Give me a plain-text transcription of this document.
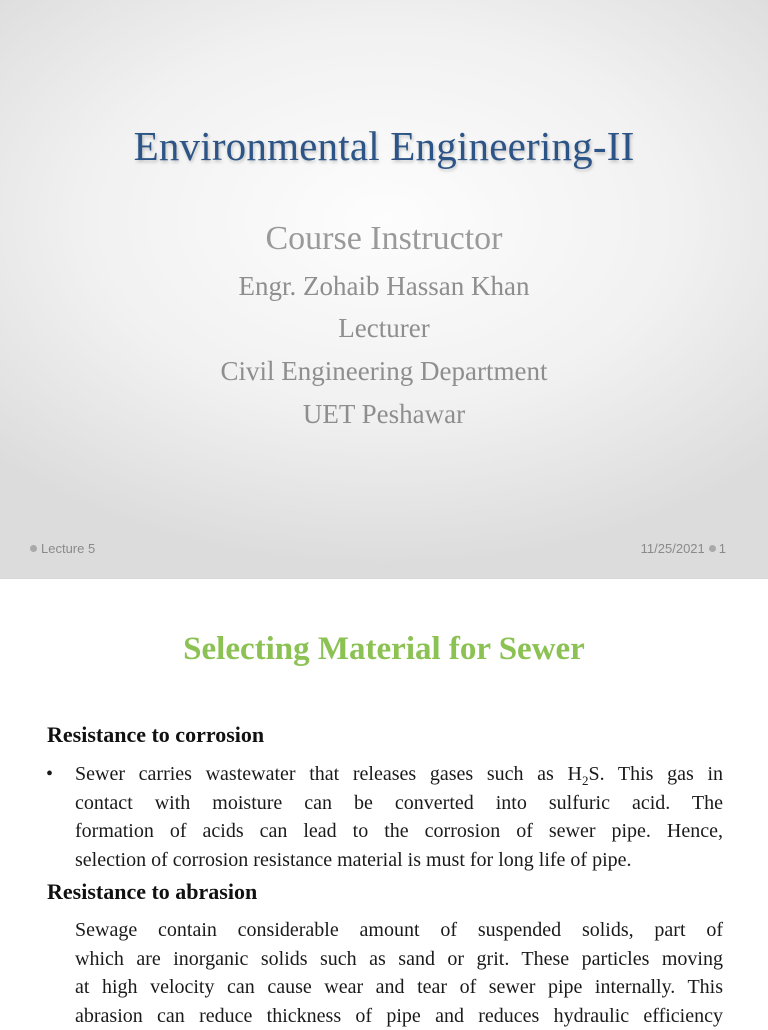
Environmental Engineering-II
Course Instructor
Engr. Zohaib Hassan Khan
Lecturer
Civil Engineering Department
UET Peshawar
Lecture 5	11/25/2021 1
Selecting Material for Sewer
Resistance to corrosion
• Sewer carries wastewater that releases gases such as $H_2S$. This gas in
contact with moisture can be converted into sulfuric acid. The
formation of acids can lead to the corrosion of sewer pipe. Hence,
selection of corrosion resistance material is must for long life of pipe.
Resistance to abrasion
Sewage contain considerable amount of suspended solids, part of
which are inorganic solids such as sand or grit. These particles moving
at high velocity can cause wear and tear of sewer pipe internally. This
abrasion can reduce thickness of pipe and reduces hydraulic efficiency
